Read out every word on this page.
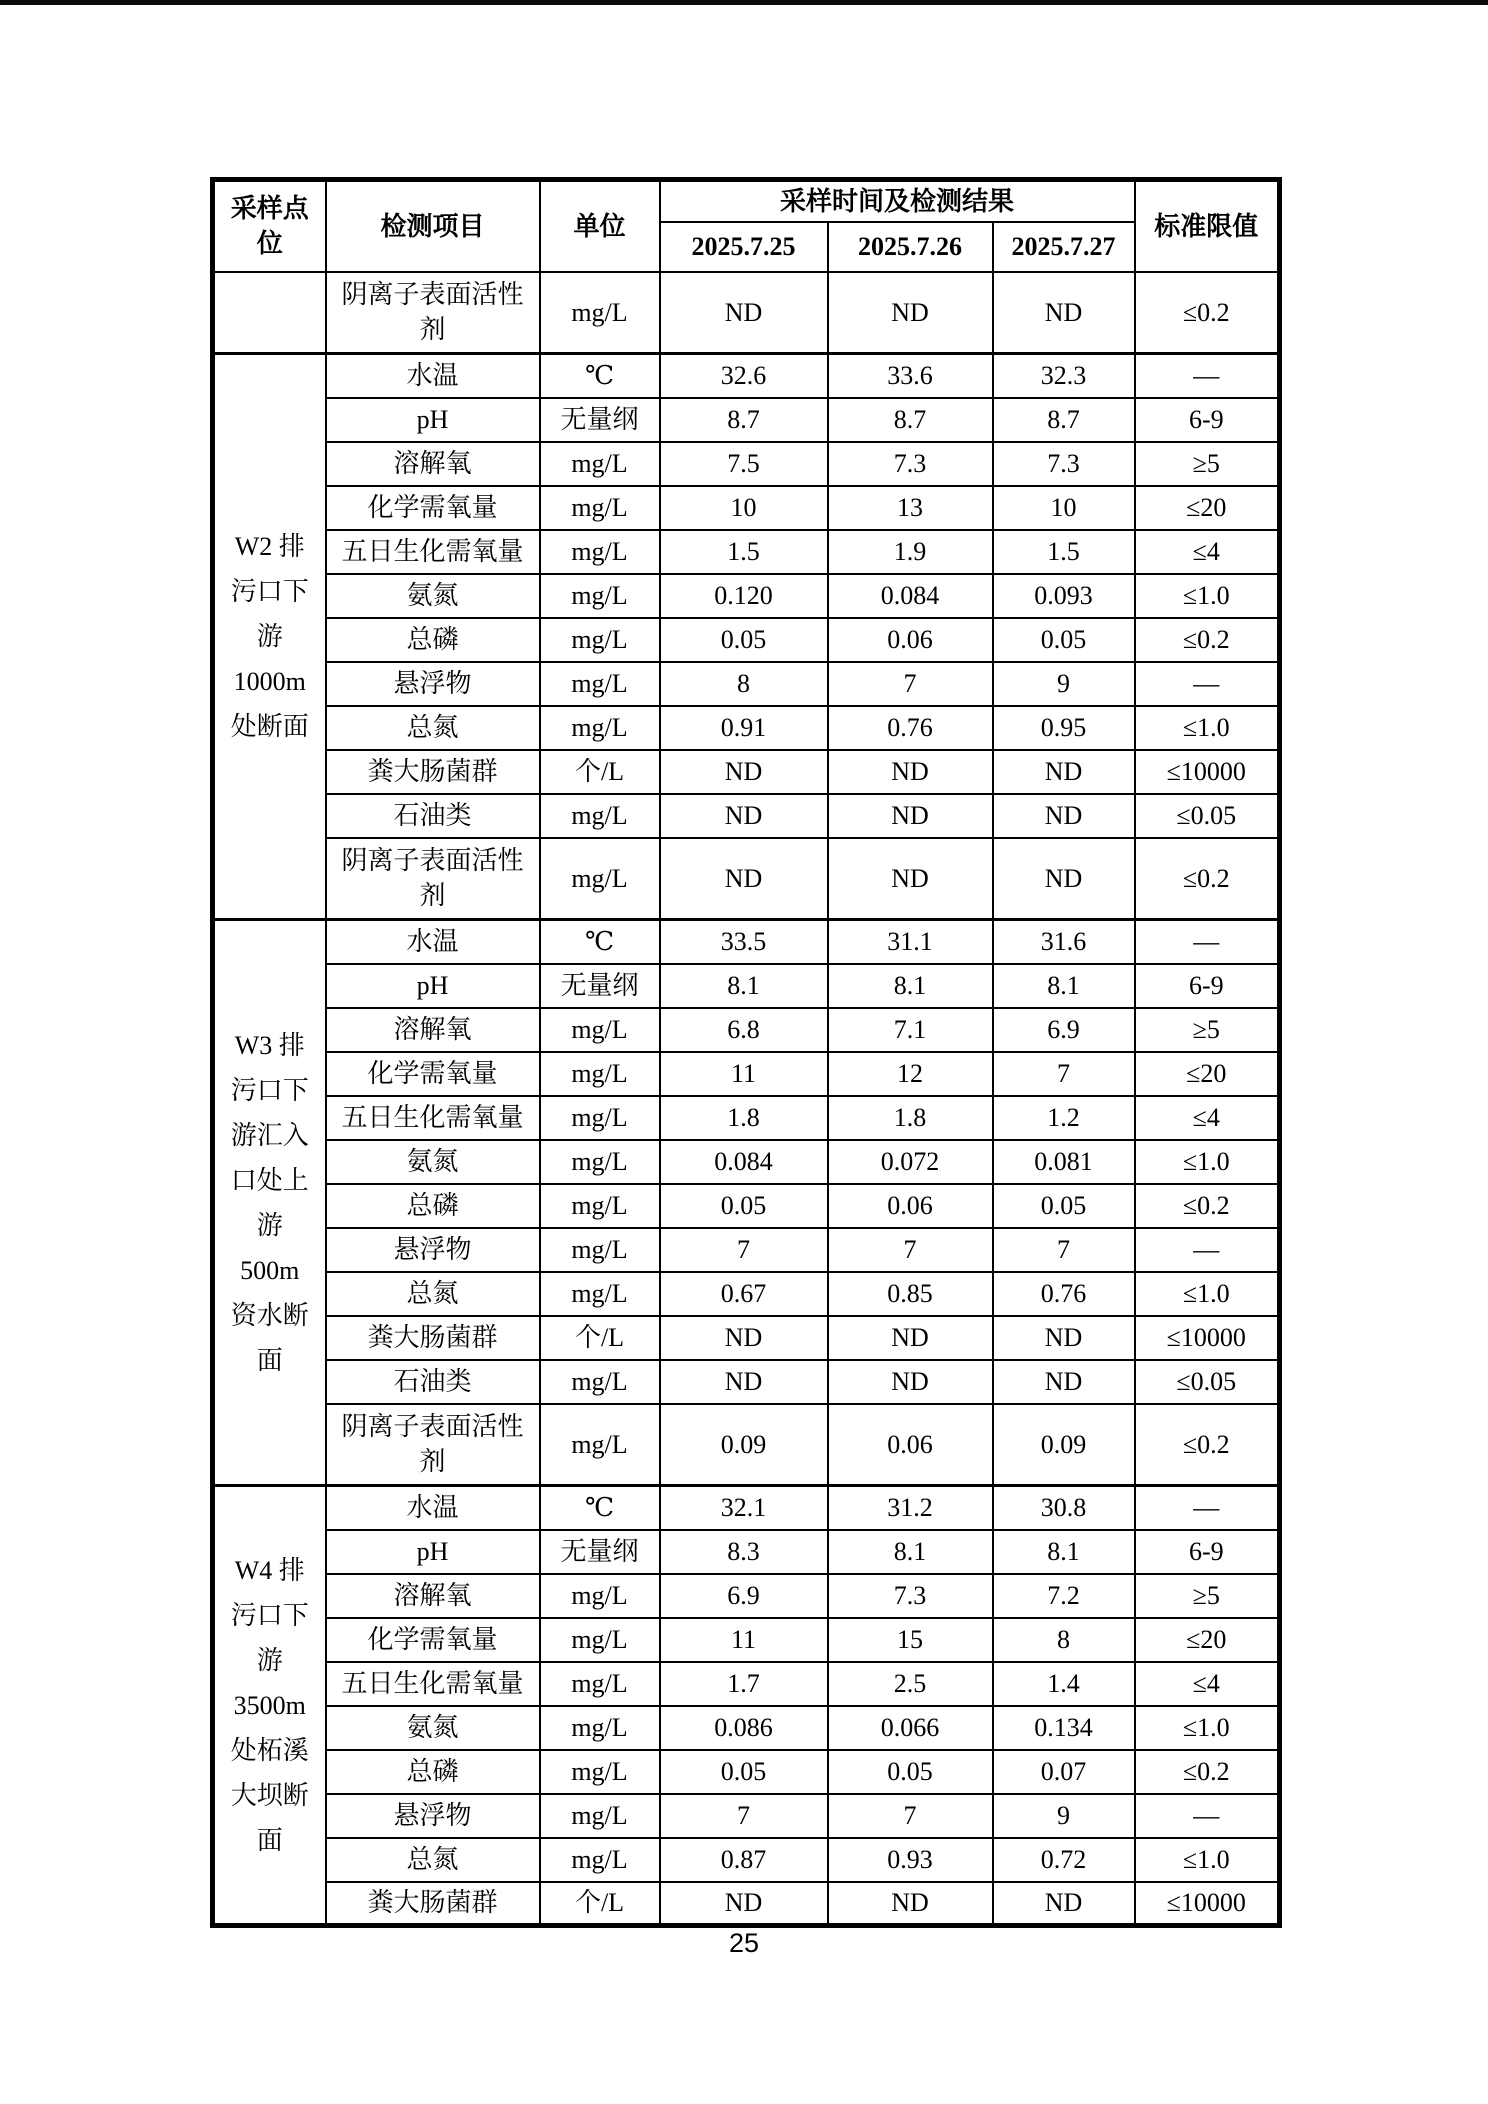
采样点位	检测项目	单位	采样时间及检测结果			标准限值
			2025.7.25	2025.7.26	2025.7.27	
	阴离子表面活性剂	mg/L	ND	ND	ND	≤0.2
W2 排污口下游 1000m 处断面	水温	℃	32.6	33.6	32.3	—
	pH	无量纲	8.7	8.7	8.7	6-9
	溶解氧	mg/L	7.5	7.3	7.3	≥5
	化学需氧量	mg/L	10	13	10	≤20
	五日生化需氧量	mg/L	1.5	1.9	1.5	≤4
	氨氮	mg/L	0.120	0.084	0.093	≤1.0
	总磷	mg/L	0.05	0.06	0.05	≤0.2
	悬浮物	mg/L	8	7	9	—
	总氮	mg/L	0.91	0.76	0.95	≤1.0
	粪大肠菌群	个/L	ND	ND	ND	≤10000
	石油类	mg/L	ND	ND	ND	≤0.05
	阴离子表面活性剂	mg/L	ND	ND	ND	≤0.2
W3 排污口下游汇入口处上游 500m 资水断面	水温	℃	33.5	31.1	31.6	—
	pH	无量纲	8.1	8.1	8.1	6-9
	溶解氧	mg/L	6.8	7.1	6.9	≥5
	化学需氧量	mg/L	11	12	7	≤20
	五日生化需氧量	mg/L	1.8	1.8	1.2	≤4
	氨氮	mg/L	0.084	0.072	0.081	≤1.0
	总磷	mg/L	0.05	0.06	0.05	≤0.2
	悬浮物	mg/L	7	7	7	—
	总氮	mg/L	0.67	0.85	0.76	≤1.0
	粪大肠菌群	个/L	ND	ND	ND	≤10000
	石油类	mg/L	ND	ND	ND	≤0.05
	阴离子表面活性剂	mg/L	0.09	0.06	0.09	≤0.2
W4 排污口下游 3500m 处柘溪大坝断面	水温	℃	32.1	31.2	30.8	—
	pH	无量纲	8.3	8.1	8.1	6-9
	溶解氧	mg/L	6.9	7.3	7.2	≥5
	化学需氧量	mg/L	11	15	8	≤20
	五日生化需氧量	mg/L	1.7	2.5	1.4	≤4
	氨氮	mg/L	0.086	0.066	0.134	≤1.0
	总磷	mg/L	0.05	0.05	0.07	≤0.2
	悬浮物	mg/L	7	7	9	—
	总氮	mg/L	0.87	0.93	0.72	≤1.0
	粪大肠菌群	个/L	ND	ND	ND	≤10000
25
